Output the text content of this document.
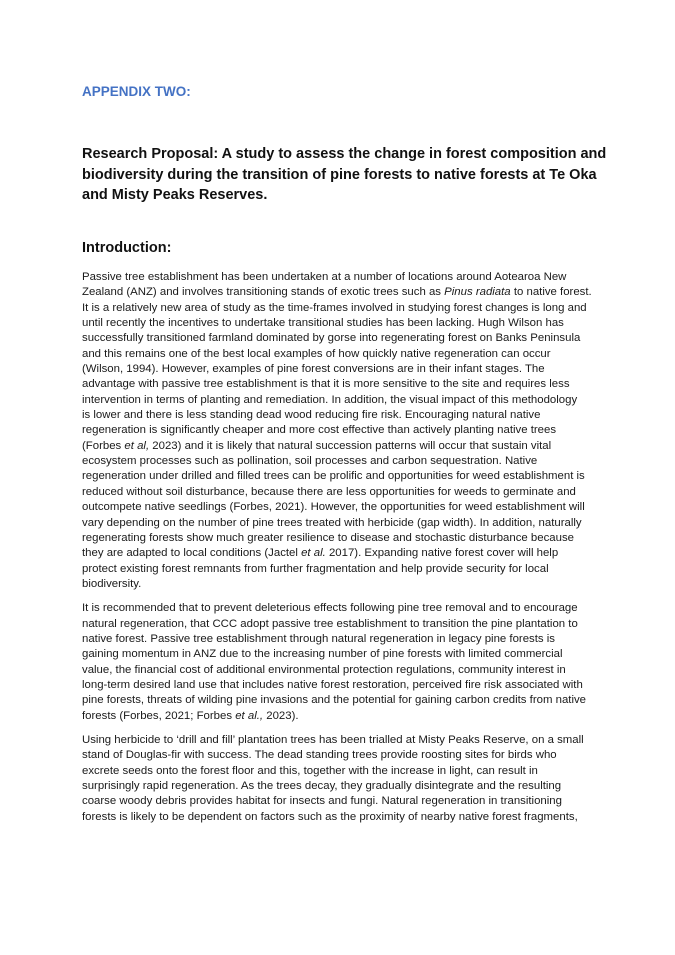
APPENDIX TWO:
Research Proposal: A study to assess the change in forest composition and
biodiversity during the transition of pine forests to native forests at Te Oka
and Misty Peaks Reserves.
Introduction:

Passive tree establishment has been undertaken at a number of locations around Aotearoa New
Zealand (ANZ) and involves transitioning stands of exotic trees such as Pinus radiata to native forest.
It is a relatively new area of study as the time-frames involved in studying forest changes is long and
until recently the incentives to undertake transitional studies has been lacking. Hugh Wilson has
successfully transitioned farmland dominated by gorse into regenerating forest on Banks Peninsula
and this remains one of the best local examples of how quickly native regeneration can occur
(Wilson, 1994). However, examples of pine forest conversions are in their infant stages. The
advantage with passive tree establishment is that it is more sensitive to the site and requires less
intervention in terms of planting and remediation. In addition, the visual impact of this methodology
is lower and there is less standing dead wood reducing fire risk. Encouraging natural native
regeneration is significantly cheaper and more cost effective than actively planting native trees
(Forbes et al, 2023) and it is likely that natural succession patterns will occur that sustain vital
ecosystem processes such as pollination, soil processes and carbon sequestration. Native
regeneration under drilled and filled trees can be prolific and opportunities for weed establishment is
reduced without soil disturbance, because there are less opportunities for weeds to germinate and
outcompete native seedlings (Forbes, 2021). However, the opportunities for weed establishment will
vary depending on the number of pine trees treated with herbicide (gap width). In addition, naturally
regenerating forests show much greater resilience to disease and stochastic disturbance because
they are adapted to local conditions (Jactel et al. 2017). Expanding native forest cover will help
protect existing forest remnants from further fragmentation and help provide security for local
biodiversity.

It is recommended that to prevent deleterious effects following pine tree removal and to encourage
natural regeneration, that CCC adopt passive tree establishment to transition the pine plantation to
native forest. Passive tree establishment through natural regeneration in legacy pine forests is
gaining momentum in ANZ due to the increasing number of pine forests with limited commercial
value, the financial cost of additional environmental protection regulations, community interest in
long-term desired land use that includes native forest restoration, perceived fire risk associated with
pine forests, threats of wilding pine invasions and the potential for gaining carbon credits from native
forests (Forbes, 2021; Forbes et al., 2023).

Using herbicide to ‘drill and fill’ plantation trees has been trialled at Misty Peaks Reserve, on a small
stand of Douglas-fir with success. The dead standing trees provide roosting sites for birds who
excrete seeds onto the forest floor and this, together with the increase in light, can result in
surprisingly rapid regeneration. As the trees decay, they gradually disintegrate and the resulting
coarse woody debris provides habitat for insects and fungi. Natural regeneration in transitioning
forests is likely to be dependent on factors such as the proximity of nearby native forest fragments,
